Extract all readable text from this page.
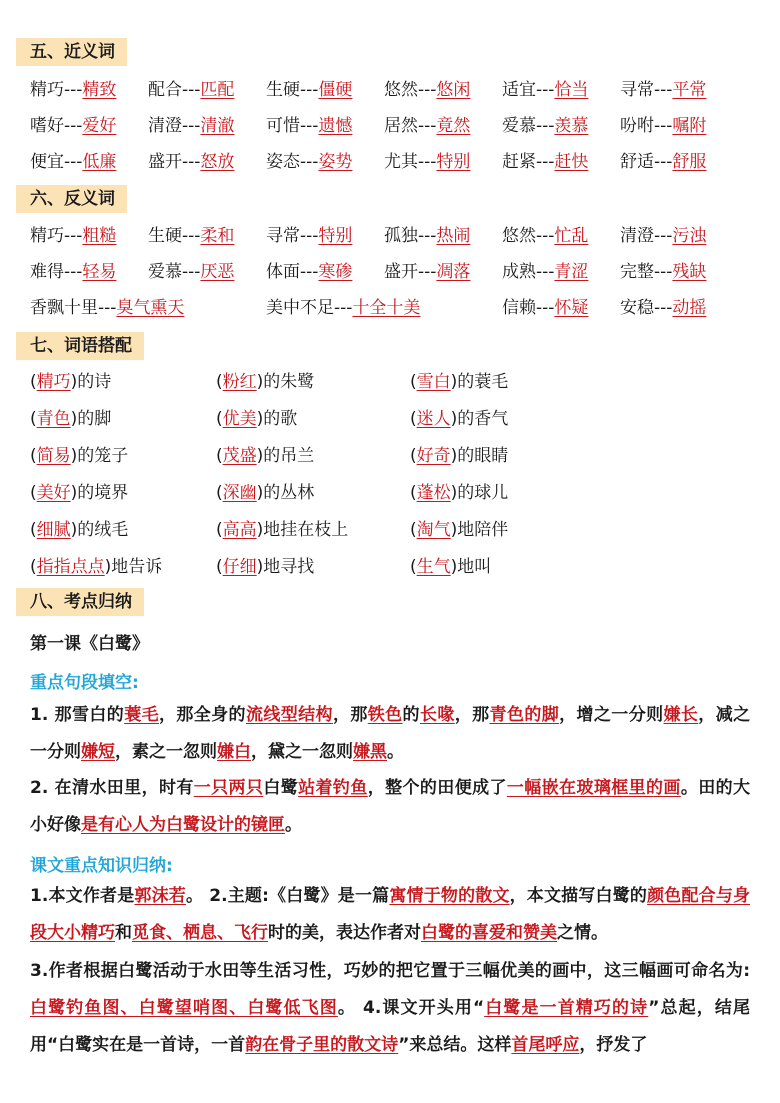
五、近义词
精巧---精致 配合---匹配 生硬---僵硬 悠然---悠闲 适宜---恰当 寻常---平常
嗜好---爱好 清澄---清澈 可惜---遗憾 居然---竟然 爱慕---羡慕 吩咐---嘱附
便宜---低廉 盛开---怒放 姿态---姿势 尤其---特别 赶紧---赶快 舒适---舒服
六、反义词
精巧---粗糙 生硬---柔和 寻常---特别 孤独---热闹 悠然---忙乱 清澄---污浊
难得---轻易 爱慕---厌恶 体面---寒碜 盛开---凋落 成熟---青涩 完整---残缺
香飘十里---臭气熏天	美中不足---十全十美	信赖---怀疑 安稳---动摇
七、词语搭配
(精巧)的诗	(粉红)的朱鹭	(雪白)的蓑毛
(青色)的脚	(优美)的歌	(迷人)的香气
(简易)的笼子	(茂盛)的吊兰	(好奇)的眼睛
(美好)的境界	(深幽)的丛林	(蓬松)的球儿
(细腻)的绒毛	(高高)地挂在枝上	(淘气)地陪伴
(指指点点)地告诉	(仔细)地寻找	(生气)地叫
八、考点归纳
第一课《白鹭》
重点句段填空:
1. 那雪白的蓑毛，那全身的流线型结构，那铁色的长喙，那青色的脚，增之一分则嫌长，减之一分则嫌短，素之一忽则嫌白，黛之一忽则嫌黑。
2. 在清水田里，时有一只两只白鹭站着钓鱼，整个的田便成了一幅嵌在玻璃框里的画。田的大小好像是有心人为白鹭设计的镜匣。
课文重点知识归纳:
1.本文作者是郭沫若。 2.主题:《白鹭》是一篇寓情于物的散文，本文描写白鹭的颜色配合与身段大小精巧和觅食、栖息、飞行时的美，表达作者对白鹭的喜爱和赞美之情。
3.作者根据白鹭活动于水田等生活习性，巧妙的把它置于三幅优美的画中，这三幅画可命名为:白鹭钓鱼图、白鹭望哨图、白鹭低飞图。 4.课文开头用“白鹭是一首精巧的诗”总起，结尾用“白鹭实在是一首诗，一首韵在骨子里的散文诗”来总结。这样首尾呼应，抒发了
